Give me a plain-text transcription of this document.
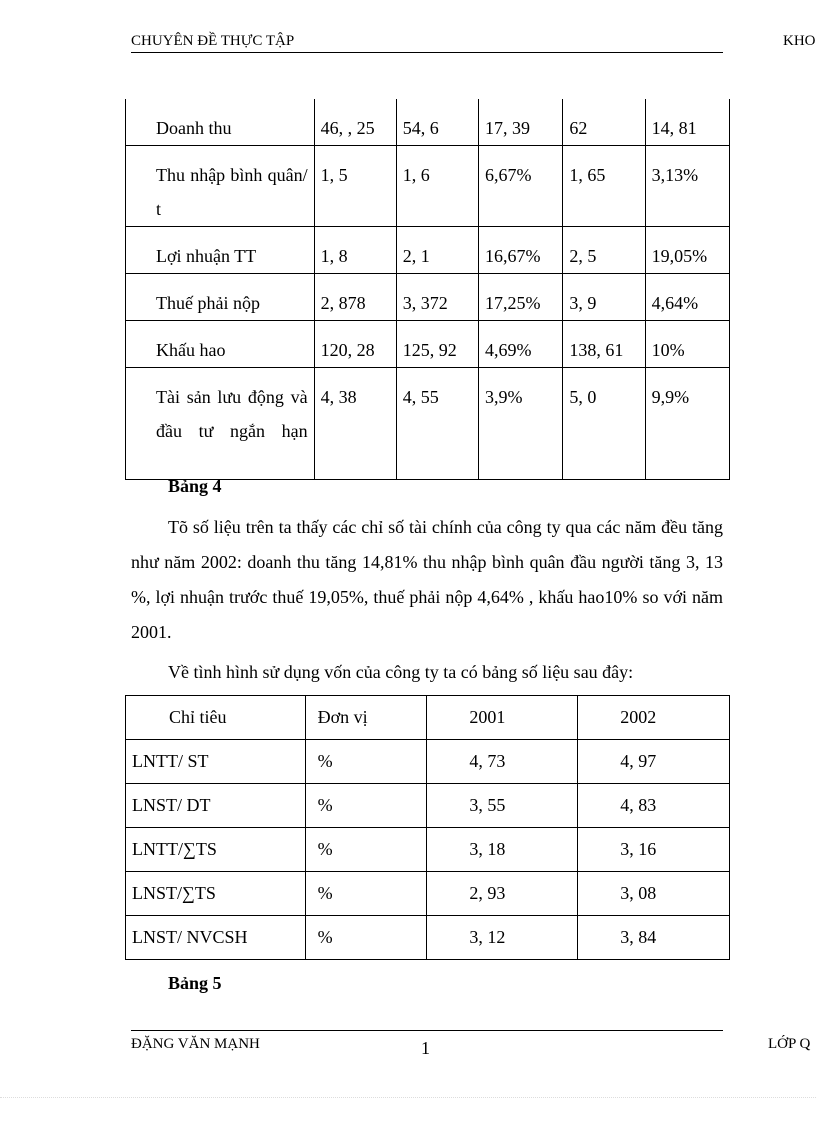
CHUYÊN ĐỀ THỰC TẬP	KHO
Doanh thu	46, , 25	54, 6	17, 39	62	14, 81
Thu nhập bình quân/ t	1, 5	1, 6	6,67%	1, 65	3,13%
Lợi nhuận TT	1, 8	2, 1	16,67%	2, 5	19,05%
Thuế phải nộp	2, 878	3, 372	17,25%	3, 9	4,64%
Khấu hao	120, 28	125, 92	4,69%	138, 61	10%
Tài sản lưu động và đầu tư ngắn hạn	4, 38	4, 55	3,9%	5, 0	9,9%
Bảng 4
Tõ số liệu trên ta thấy các chỉ số tài chính của công ty qua các năm đều tăng như năm 2002: doanh thu tăng 14,81% thu nhập bình quân đầu người tăng 3, 13 %, lợi nhuận trước thuế 19,05%, thuế phải nộp 4,64% , khấu hao10% so với năm 2001.
Về tình hình sử dụng vốn của công ty ta có bảng số liệu sau đây:
Chỉ tiêu	Đơn vị	2001	2002
LNTT/ ST	%	4, 73	4, 97
LNST/ DT	%	3, 55	4, 83
LNTT/∑TS	%	3, 18	3, 16
LNST/∑TS	%	2, 93	3, 08
LNST/ NVCSH	%	3, 12	3, 84
Bảng 5
ĐẶNG VĂN MẠNH	1	LỚP Q
